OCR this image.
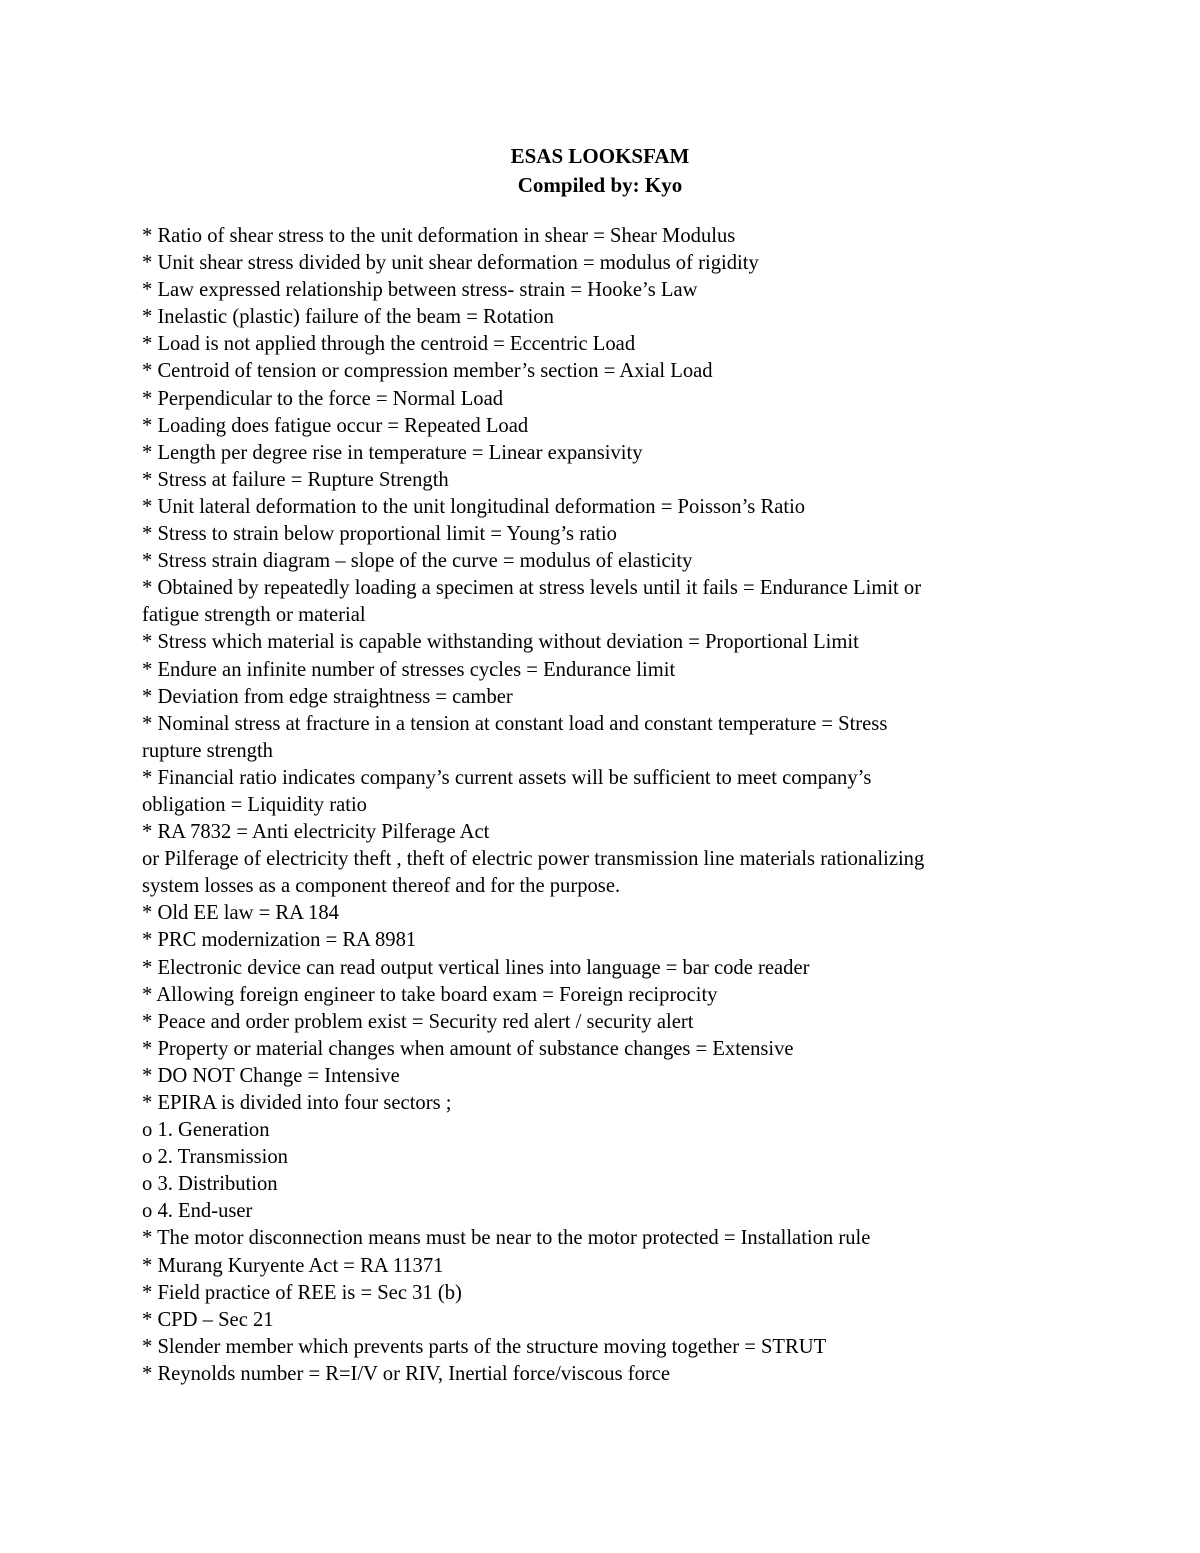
ESAS LOOKSFAM
Compiled by: Kyo
* Ratio of shear stress to the unit deformation in shear = Shear Modulus
* Unit shear stress divided by unit shear deformation = modulus of rigidity
* Law expressed relationship between stress- strain = Hooke’s Law
* Inelastic (plastic) failure of the beam = Rotation
* Load is not applied through the centroid = Eccentric Load
* Centroid of tension or compression member’s section = Axial Load
* Perpendicular to the force = Normal Load
* Loading does fatigue occur = Repeated Load
* Length per degree rise in temperature = Linear expansivity
* Stress at failure = Rupture Strength
* Unit lateral deformation to the unit longitudinal deformation = Poisson’s Ratio
* Stress to strain below proportional limit = Young’s ratio
* Stress strain diagram – slope of the curve = modulus of elasticity
* Obtained by repeatedly loading a specimen at stress levels until it fails = Endurance Limit or
fatigue strength or material
* Stress which material is capable withstanding without deviation = Proportional Limit
* Endure an infinite number of stresses cycles = Endurance limit
* Deviation from edge straightness = camber
* Nominal stress at fracture in a tension at constant load and constant temperature = Stress
rupture strength
* Financial ratio indicates company’s current assets will be sufficient to meet company’s
obligation = Liquidity ratio
* RA 7832 = Anti electricity Pilferage Act
or Pilferage of electricity theft , theft of electric power transmission line materials rationalizing
system losses as a component thereof and for the purpose.
* Old EE law = RA 184
* PRC modernization = RA 8981
* Electronic device can read output vertical lines into language = bar code reader
* Allowing foreign engineer to take board exam = Foreign reciprocity
* Peace and order problem exist = Security red alert / security alert
* Property or material changes when amount of substance changes = Extensive
* DO NOT Change = Intensive
* EPIRA is divided into four sectors ;
o 1. Generation
o 2. Transmission
o 3. Distribution
o 4. End-user
* The motor disconnection means must be near to the motor protected = Installation rule
* Murang Kuryente Act = RA 11371
* Field practice of REE is = Sec 31 (b)
* CPD – Sec 21
* Slender member which prevents parts of the structure moving together = STRUT
* Reynolds number = R=I/V or RIV, Inertial force/viscous force
